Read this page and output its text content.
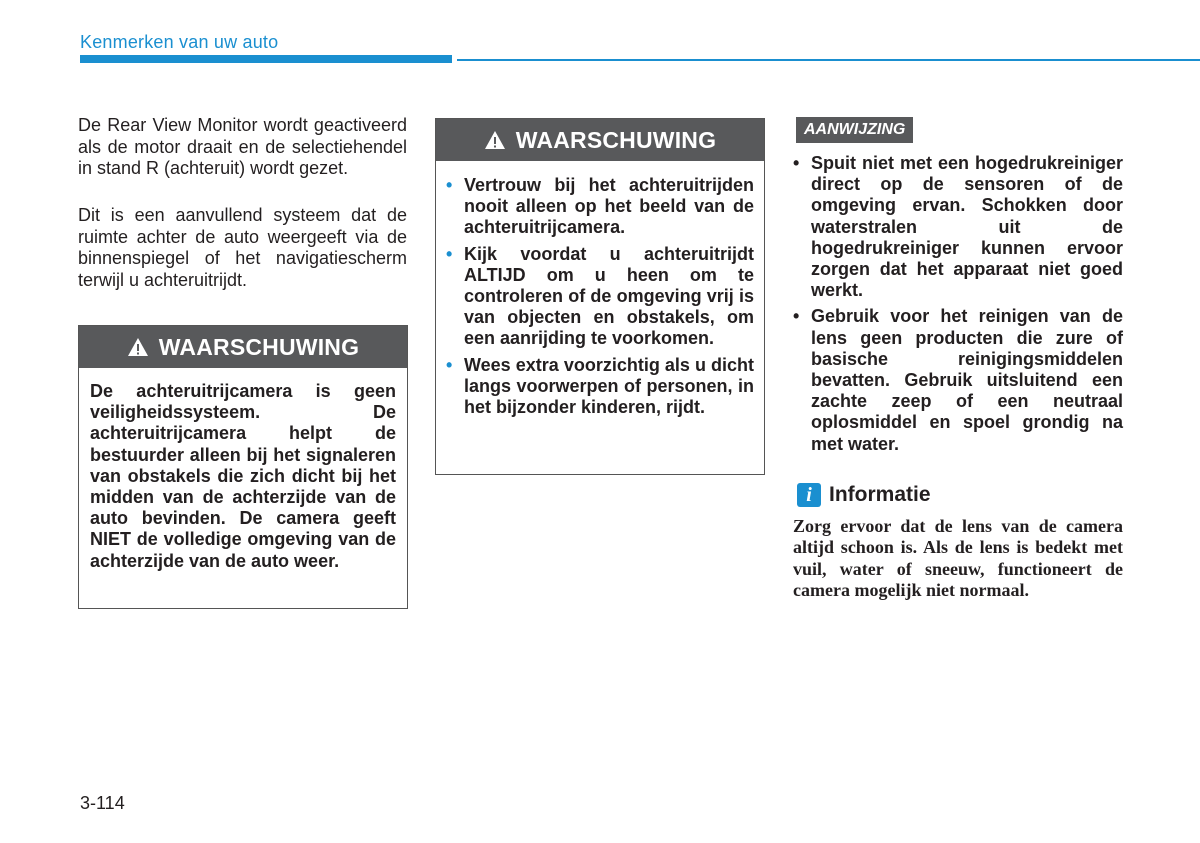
Kenmerken van uw auto

De Rear View Monitor wordt geactiveerd als de motor draait en de selectiehendel in stand R (achteruit) wordt gezet.

Dit is een aanvullend systeem dat de ruimte achter de auto weergeeft via de binnenspiegel of het navigatiescherm terwijl u achteruitrijdt.

WAARSCHUWING
De achteruitrijcamera is geen veiligheidssysteem. De achteruitrijcamera helpt de bestuurder alleen bij het signaleren van obstakels die zich dicht bij het midden van de achterzijde van de auto bevinden. De camera geeft NIET de volledige omgeving van de achterzijde van de auto weer.
WAARSCHUWING
• Vertrouw bij het achteruitrijden nooit alleen op het beeld van de achteruitrijcamera.
• Kijk voordat u achteruitrijdt ALTIJD om u heen om te controleren of de omgeving vrij is van objecten en obstakels, om een aanrijding te voorkomen.
• Wees extra voorzichtig als u dicht langs voorwerpen of personen, in het bijzonder kinderen, rijdt.
AANWIJZING
• Spuit niet met een hogedrukreiniger direct op de sensoren of de omgeving ervan. Schokken door waterstralen uit de hogedrukreiniger kunnen ervoor zorgen dat het apparaat niet goed werkt.
• Gebruik voor het reinigen van de lens geen producten die zure of basische reinigingsmiddelen bevatten. Gebruik uitsluitend een zachte zeep of een neutraal oplosmiddel en spoel grondig na met water.
i Informatie

Zorg ervoor dat de lens van de camera altijd schoon is. Als de lens is bedekt met vuil, water of sneeuw, functioneert de camera mogelijk niet normaal.

3-114
